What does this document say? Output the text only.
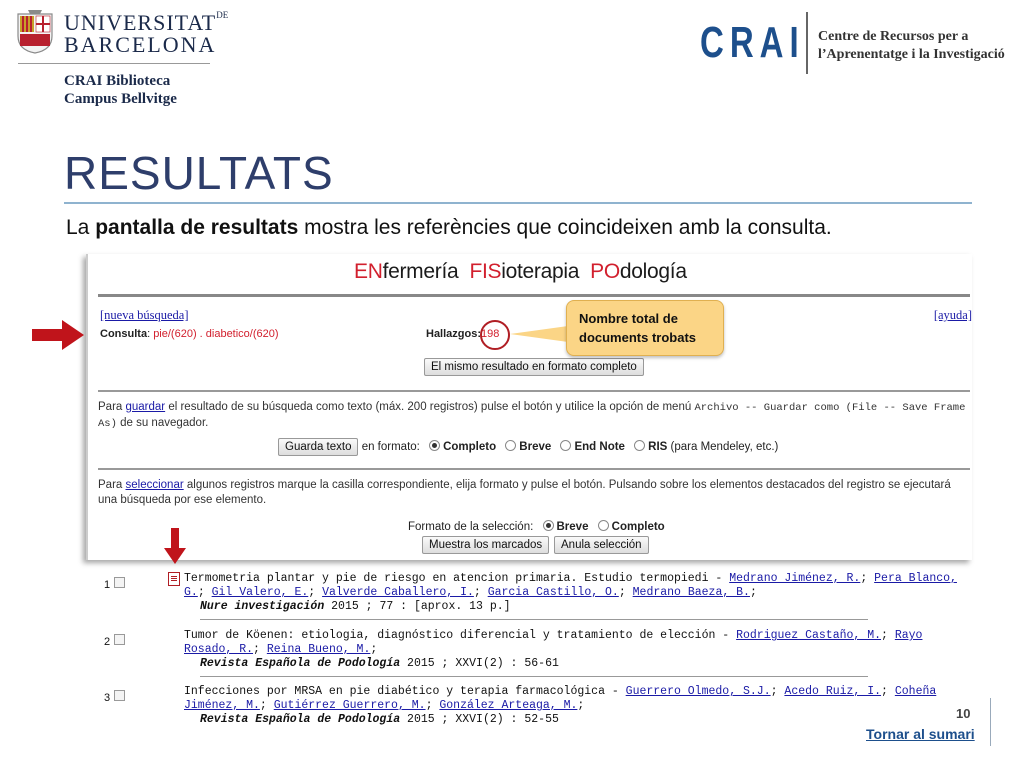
$UNIVERSITAT^{DE}$
BARCELONA
CRAI Biblioteca
Campus Bellvitge
CRAI Centre de Recursos per a
l’Aprenentatge i la Investigació
RESULTATS
La pantalla de resultats mostra les referències que coincideixen amb la consulta.
ENfermería FISioterapia POdología
[nueva búsqueda]	[ayuda]
Consulta: pie/(620) . diabetico/(620)	Hallazgos:198
El mismo resultado en formato completo
Para guardar el resultado de su búsqueda como texto (máx. 200 registros) pulse el botón y utilice la opción de menú Archivo -- Guardar como (File -- Save Frame As) de su navegador.
Guarda texto en formato: Completo Breve End Note RIS (para Mendeley, etc.)
Para seleccionar algunos registros marque la casilla correspondiente, elija formato y pulse el botón. Pulsando sobre los elementos destacados del registro se ejecutará una búsqueda por ese elemento.
Formato de la selección: Breve Completo
Muestra los marcados	Anula selección
Nombre total de
documents trobats
1	Termometria plantar y pie de riesgo en atencion primaria. Estudio termopiedi - Medrano Jiménez, R.; Pera Blanco, G.; Gil Valero, E.; Valverde Caballero, I.; Garcia Castillo, O.; Medrano Baeza, B.;
Nure investigación 2015 ; 77 : [aprox. 13 p.]
2	Tumor de Köenen: etiologia, diagnóstico diferencial y tratamiento de elección - Rodriguez Castaño, M.; Rayo Rosado, R.; Reina Bueno, M.;
Revista Española de Podología 2015 ; XXVI(2) : 56-61
3	Infecciones por MRSA en pie diabético y terapia farmacológica - Guerrero Olmedo, S.J.; Acedo Ruiz, I.; Coheña Jiménez, M.; Gutiérrez Guerrero, M.; González Arteaga, M.;
Revista Española de Podología 2015 ; XXVI(2) : 52-55	10
Tornar al sumari
